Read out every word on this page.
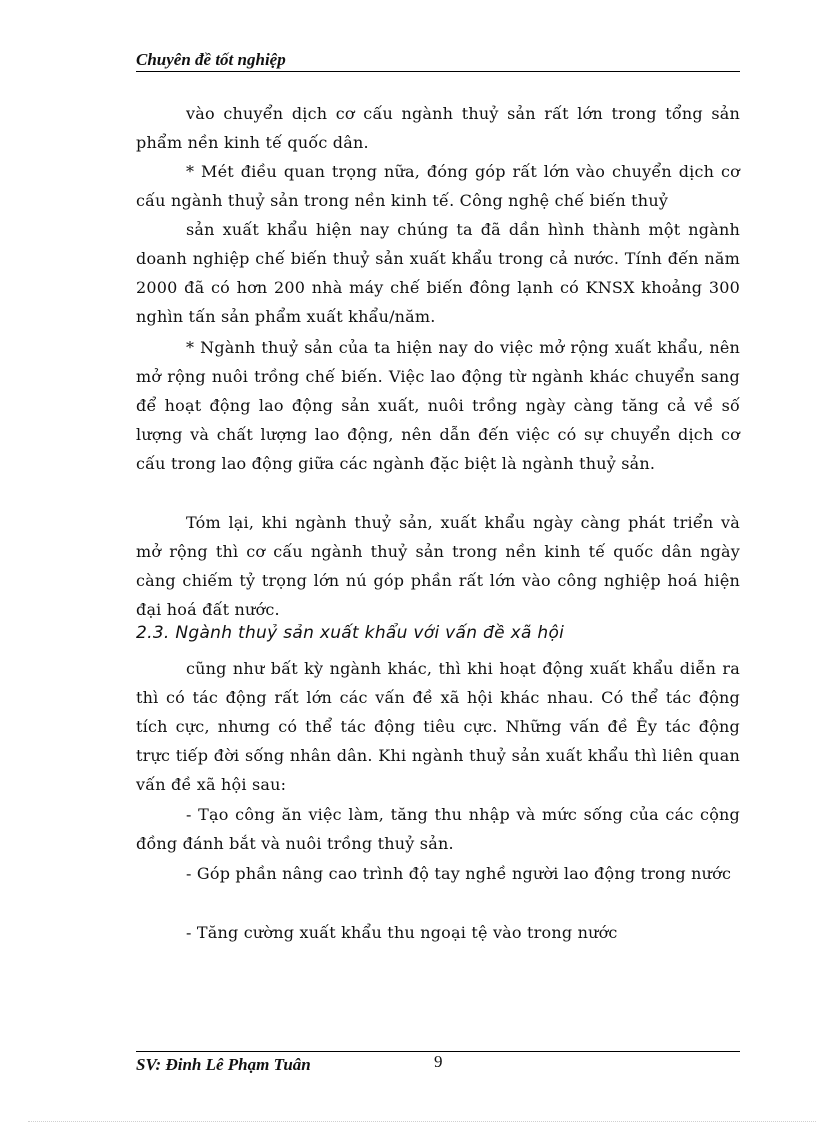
Chuyên đề tốt nghiệp
vào chuyển dịch cơ cấu ngành thuỷ sản rất lớn trong tổng sản phẩm nền kinh tế quốc dân.
* Mét điều quan trọng nữa, đóng góp rất lớn vào chuyển dịch cơ cấu ngành thuỷ sản trong nền kinh tế. Công nghệ chế biến thuỷ
sản xuất khẩu hiện nay chúng ta đã dần hình thành một ngành doanh nghiệp chế biến thuỷ sản xuất khẩu trong cả nước. Tính đến năm 2000 đã có hơn 200 nhà máy chế biến đông lạnh có KNSX khoảng 300 nghìn tấn sản phẩm xuất khẩu/năm.
* Ngành thuỷ sản của ta hiện nay do việc mở rộng xuất khẩu, nên mở rộng nuôi trồng chế biến. Việc lao động từ ngành khác chuyển sang để hoạt động lao động sản xuất, nuôi trồng ngày càng tăng cả về số lượng và chất lượng lao động, nên dẫn đến việc có sự chuyển dịch cơ cấu trong lao động giữa các ngành đặc biệt là ngành thuỷ sản.
Tóm lại, khi ngành thuỷ sản, xuất khẩu ngày càng phát triển và mở rộng thì cơ cấu ngành thuỷ sản trong nền kinh tế quốc dân ngày càng chiếm tỷ trọng lớn nú góp phần rất lớn vào công nghiệp hoá hiện đại hoá đất nước.
2.3. Ngành thuỷ sản xuất khẩu với vấn đề xã hội
cũng như bất kỳ ngành khác, thì khi hoạt động xuất khẩu diễn ra thì có tác động rất lớn các vấn đề xã hội khác nhau. Có thể tác động tích cực, nhưng có thể tác động tiêu cực. Những vấn đề Êy tác động trực tiếp đời sống nhân dân. Khi ngành thuỷ sản xuất khẩu thì liên quan vấn đề xã hội sau:
- Tạo công ăn việc làm, tăng thu nhập và mức sống của các cộng đồng đánh bắt và nuôi trồng thuỷ sản.
- Góp phần nâng cao trình độ tay nghề người lao động trong nước
- Tăng cường xuất khẩu thu ngoại tệ vào trong nước
SV: Đinh Lê Phạm Tuân	9
